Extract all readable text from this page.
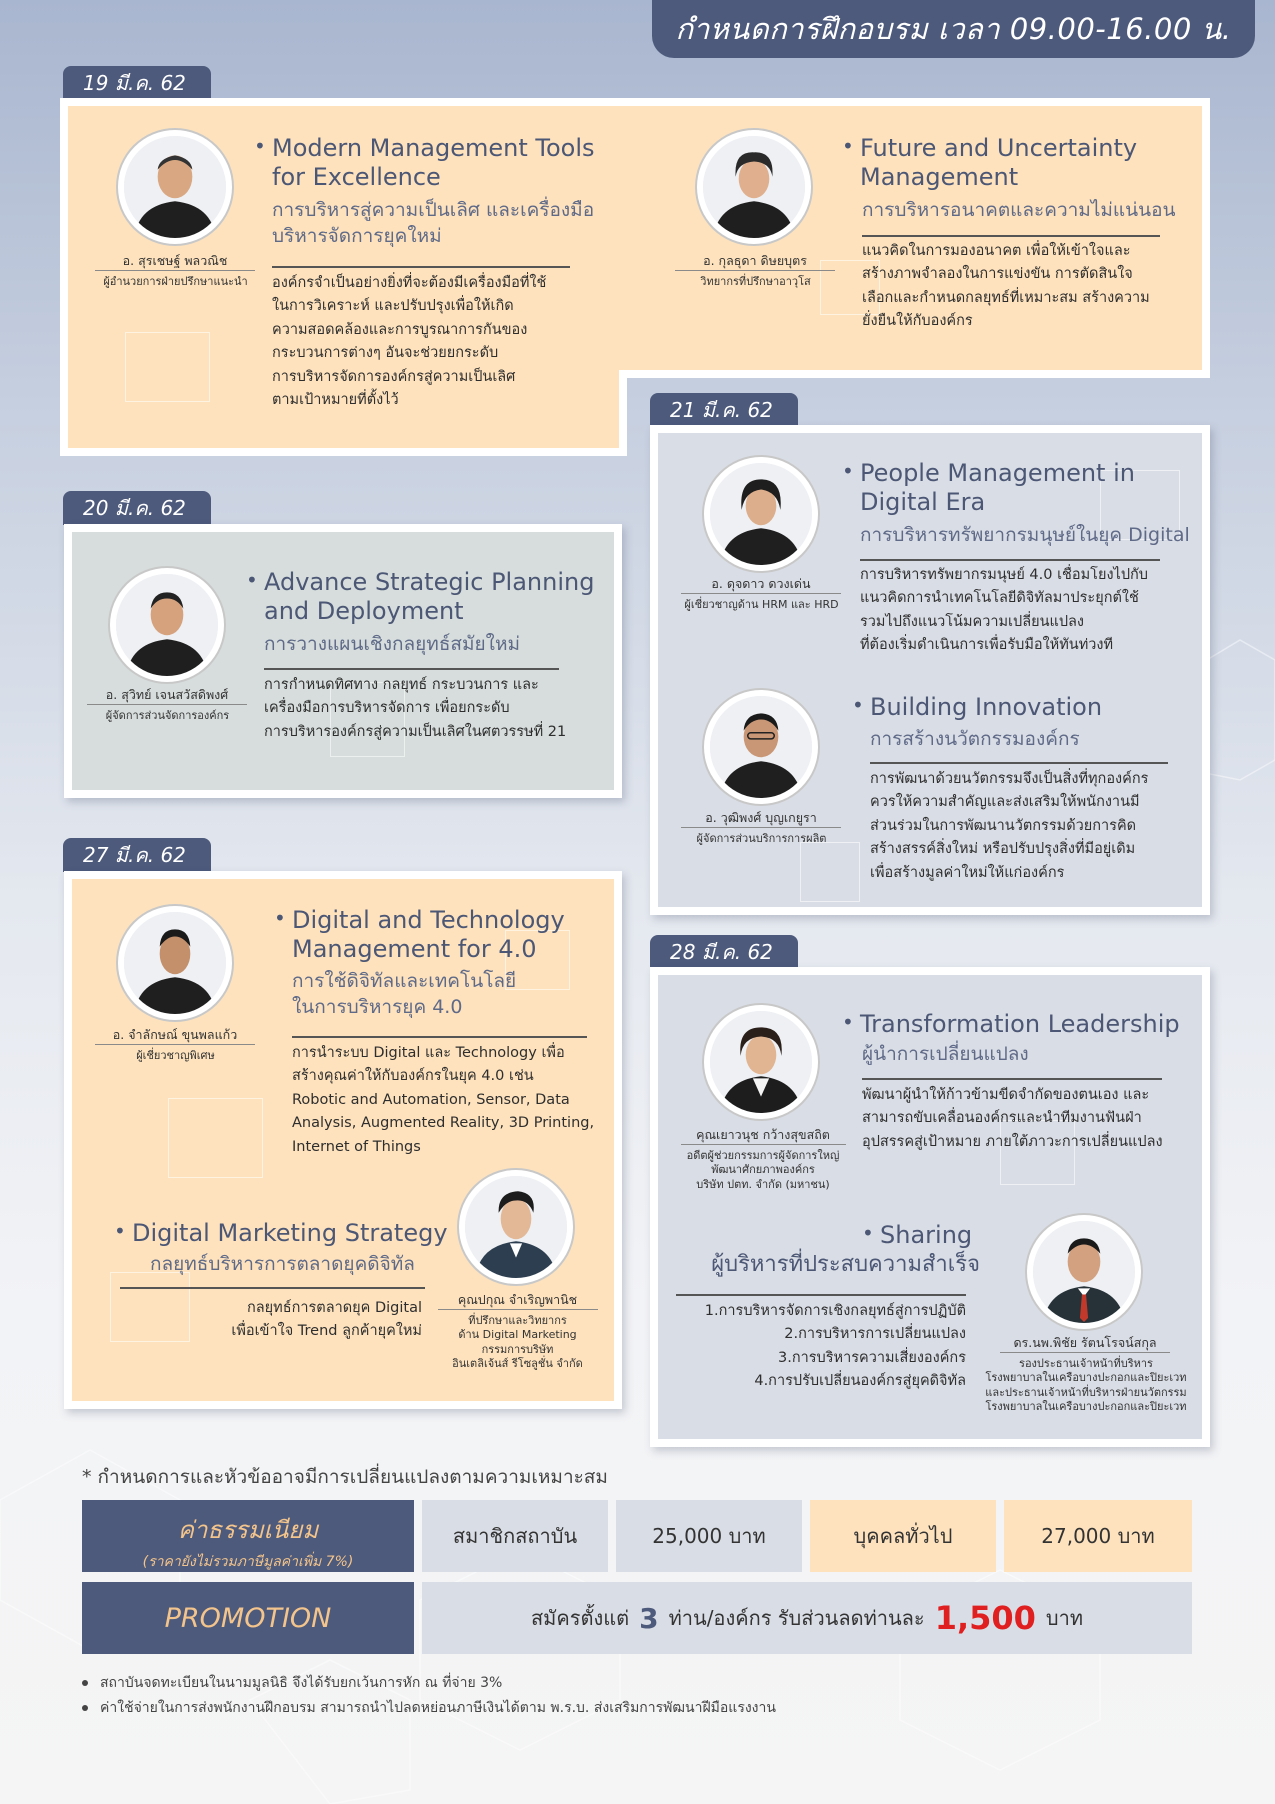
กำหนดการฝึกอบรม เวลา 09.00-16.00 น.
19 มี.ค. 62
อ. สุรเชษฐ์ พลวณิช
ผู้อำนวยการฝ่ายปรึกษาแนะนำ
• Modern Management Tools
for Excellence
การบริหารสู่ความเป็นเลิศ และเครื่องมือ
บริหารจัดการยุคใหม่
องค์กรจำเป็นอย่างยิ่งที่จะต้องมีเครื่องมือที่ใช้
ในการวิเคราะห์ และปรับปรุงเพื่อให้เกิด
ความสอดคล้องและการบูรณาการกันของ
กระบวนการต่างๆ อันจะช่วยยกระดับ
การบริหารจัดการองค์กรสู่ความเป็นเลิศ
ตามเป้าหมายที่ตั้งไว้
อ. กุลธุดา ดิษยบุตร
วิทยากรที่ปรึกษาอาวุโส
• Future and Uncertainty
Management
การบริหารอนาคตและความไม่แน่นอน
แนวคิดในการมองอนาคต เพื่อให้เข้าใจและ
สร้างภาพจำลองในการแข่งขัน การตัดสินใจ
เลือกและกำหนดกลยุทธ์ที่เหมาะสม สร้างความ
ยั่งยืนให้กับองค์กร
20 มี.ค. 62
อ. สุวิทย์ เจนสวัสดิพงศ์
ผู้จัดการส่วนจัดการองค์กร
• Advance Strategic Planning
and Deployment
การวางแผนเชิงกลยุทธ์สมัยใหม่
การกำหนดทิศทาง กลยุทธ์ กระบวนการ และ
เครื่องมือการบริหารจัดการ เพื่อยกระดับ
การบริหารองค์กรสู่ความเป็นเลิศในศตวรรษที่ 21
21 มี.ค. 62
อ. ดุจดาว ดวงเด่น
ผู้เชี่ยวชาญด้าน HRM และ HRD
• People Management in
Digital Era
การบริหารทรัพยากรมนุษย์ในยุค Digital
การบริหารทรัพยากรมนุษย์ 4.0 เชื่อมโยงไปกับ
แนวคิดการนำเทคโนโลยีดิจิทัลมาประยุกต์ใช้
รวมไปถึงแนวโน้มความเปลี่ยนแปลง
ที่ต้องเริ่มดำเนินการเพื่อรับมือให้ทันท่วงที
อ. วุฒิพงศ์ บุญเกยูรา
ผู้จัดการส่วนบริการการผลิต
• Building Innovation
การสร้างนวัตกรรมองค์กร
การพัฒนาด้วยนวัตกรรมจึงเป็นสิ่งที่ทุกองค์กร
ควรให้ความสำคัญและส่งเสริมให้พนักงานมี
ส่วนร่วมในการพัฒนานวัตกรรมด้วยการคิด
สร้างสรรค์สิ่งใหม่ หรือปรับปรุงสิ่งที่มีอยู่เดิม
เพื่อสร้างมูลค่าใหม่ให้แก่องค์กร
27 มี.ค. 62
อ. จำลักษณ์ ขุนพลแก้ว
ผู้เชี่ยวชาญพิเศษ
• Digital and Technology
Management for 4.0
การใช้ดิจิทัลและเทคโนโลยี
ในการบริหารยุค 4.0
การนำระบบ Digital และ Technology เพื่อ
สร้างคุณค่าให้กับองค์กรในยุค 4.0 เช่น
Robotic and Automation, Sensor, Data
Analysis, Augmented Reality, 3D Printing,
Internet of Things
• Digital Marketing Strategy
กลยุทธ์บริหารการตลาดยุคดิจิทัล
กลยุทธ์การตลาดยุค Digital
เพื่อเข้าใจ Trend ลูกค้ายุคใหม่
คุณปกุณ จำเริญพานิช
ที่ปรึกษาและวิทยากร
ด้าน Digital Marketing
กรรมการบริษัท
อินเตลิเจ้นส์ รีโซลูชั่น จำกัด
28 มี.ค. 62
คุณเยาวนุช กว้างสุขสถิต
อดีตผู้ช่วยกรรมการผู้จัดการใหญ่
พัฒนาศักยภาพองค์กร
บริษัท ปตท. จำกัด (มหาชน)
• Transformation Leadership
ผู้นำการเปลี่ยนแปลง
พัฒนาผู้นำให้ก้าวข้ามขีดจำกัดของตนเอง และ
สามารถขับเคลื่อนองค์กรและนำทีมงานฟันฝ่า
อุปสรรคสู่เป้าหมาย ภายใต้ภาวะการเปลี่ยนแปลง
• Sharing
ผู้บริหารที่ประสบความสำเร็จ
1.การบริหารจัดการเชิงกลยุทธ์สู่การปฏิบัติ
2.การบริหารการเปลี่ยนแปลง
3.การบริหารความเสี่ยงองค์กร
4.การปรับเปลี่ยนองค์กรสู่ยุคดิจิทัล
ดร.นพ.พิชัย รัตนโรจน์สกุล
รองประธานเจ้าหน้าที่บริหาร
โรงพยาบาลในเครือบางปะกอกและปิยะเวท
และประธานเจ้าหน้าที่บริหารฝ่ายนวัตกรรม
โรงพยาบาลในเครือบางปะกอกและปิยะเวท
* กำหนดการและหัวข้ออาจมีการเปลี่ยนแปลงตามความเหมาะสม
ค่าธรรมเนียม
(ราคายังไม่รวมภาษีมูลค่าเพิ่ม 7%)
สมาชิกสถาบัน	25,000 บาท	บุคคลทั่วไป	27,000 บาท
PROMOTION	สมัครตั้งแต่ 3 ท่าน/องค์กร รับส่วนลดท่านละ 1,500 บาท
สถาบันจดทะเบียนในนามมูลนิธิ จึงได้รับยกเว้นการหัก ณ ที่จ่าย 3%
ค่าใช้จ่ายในการส่งพนักงานฝึกอบรม สามารถนำไปลดหย่อนภาษีเงินได้ตาม พ.ร.บ. ส่งเสริมการพัฒนาฝีมือแรงงาน
